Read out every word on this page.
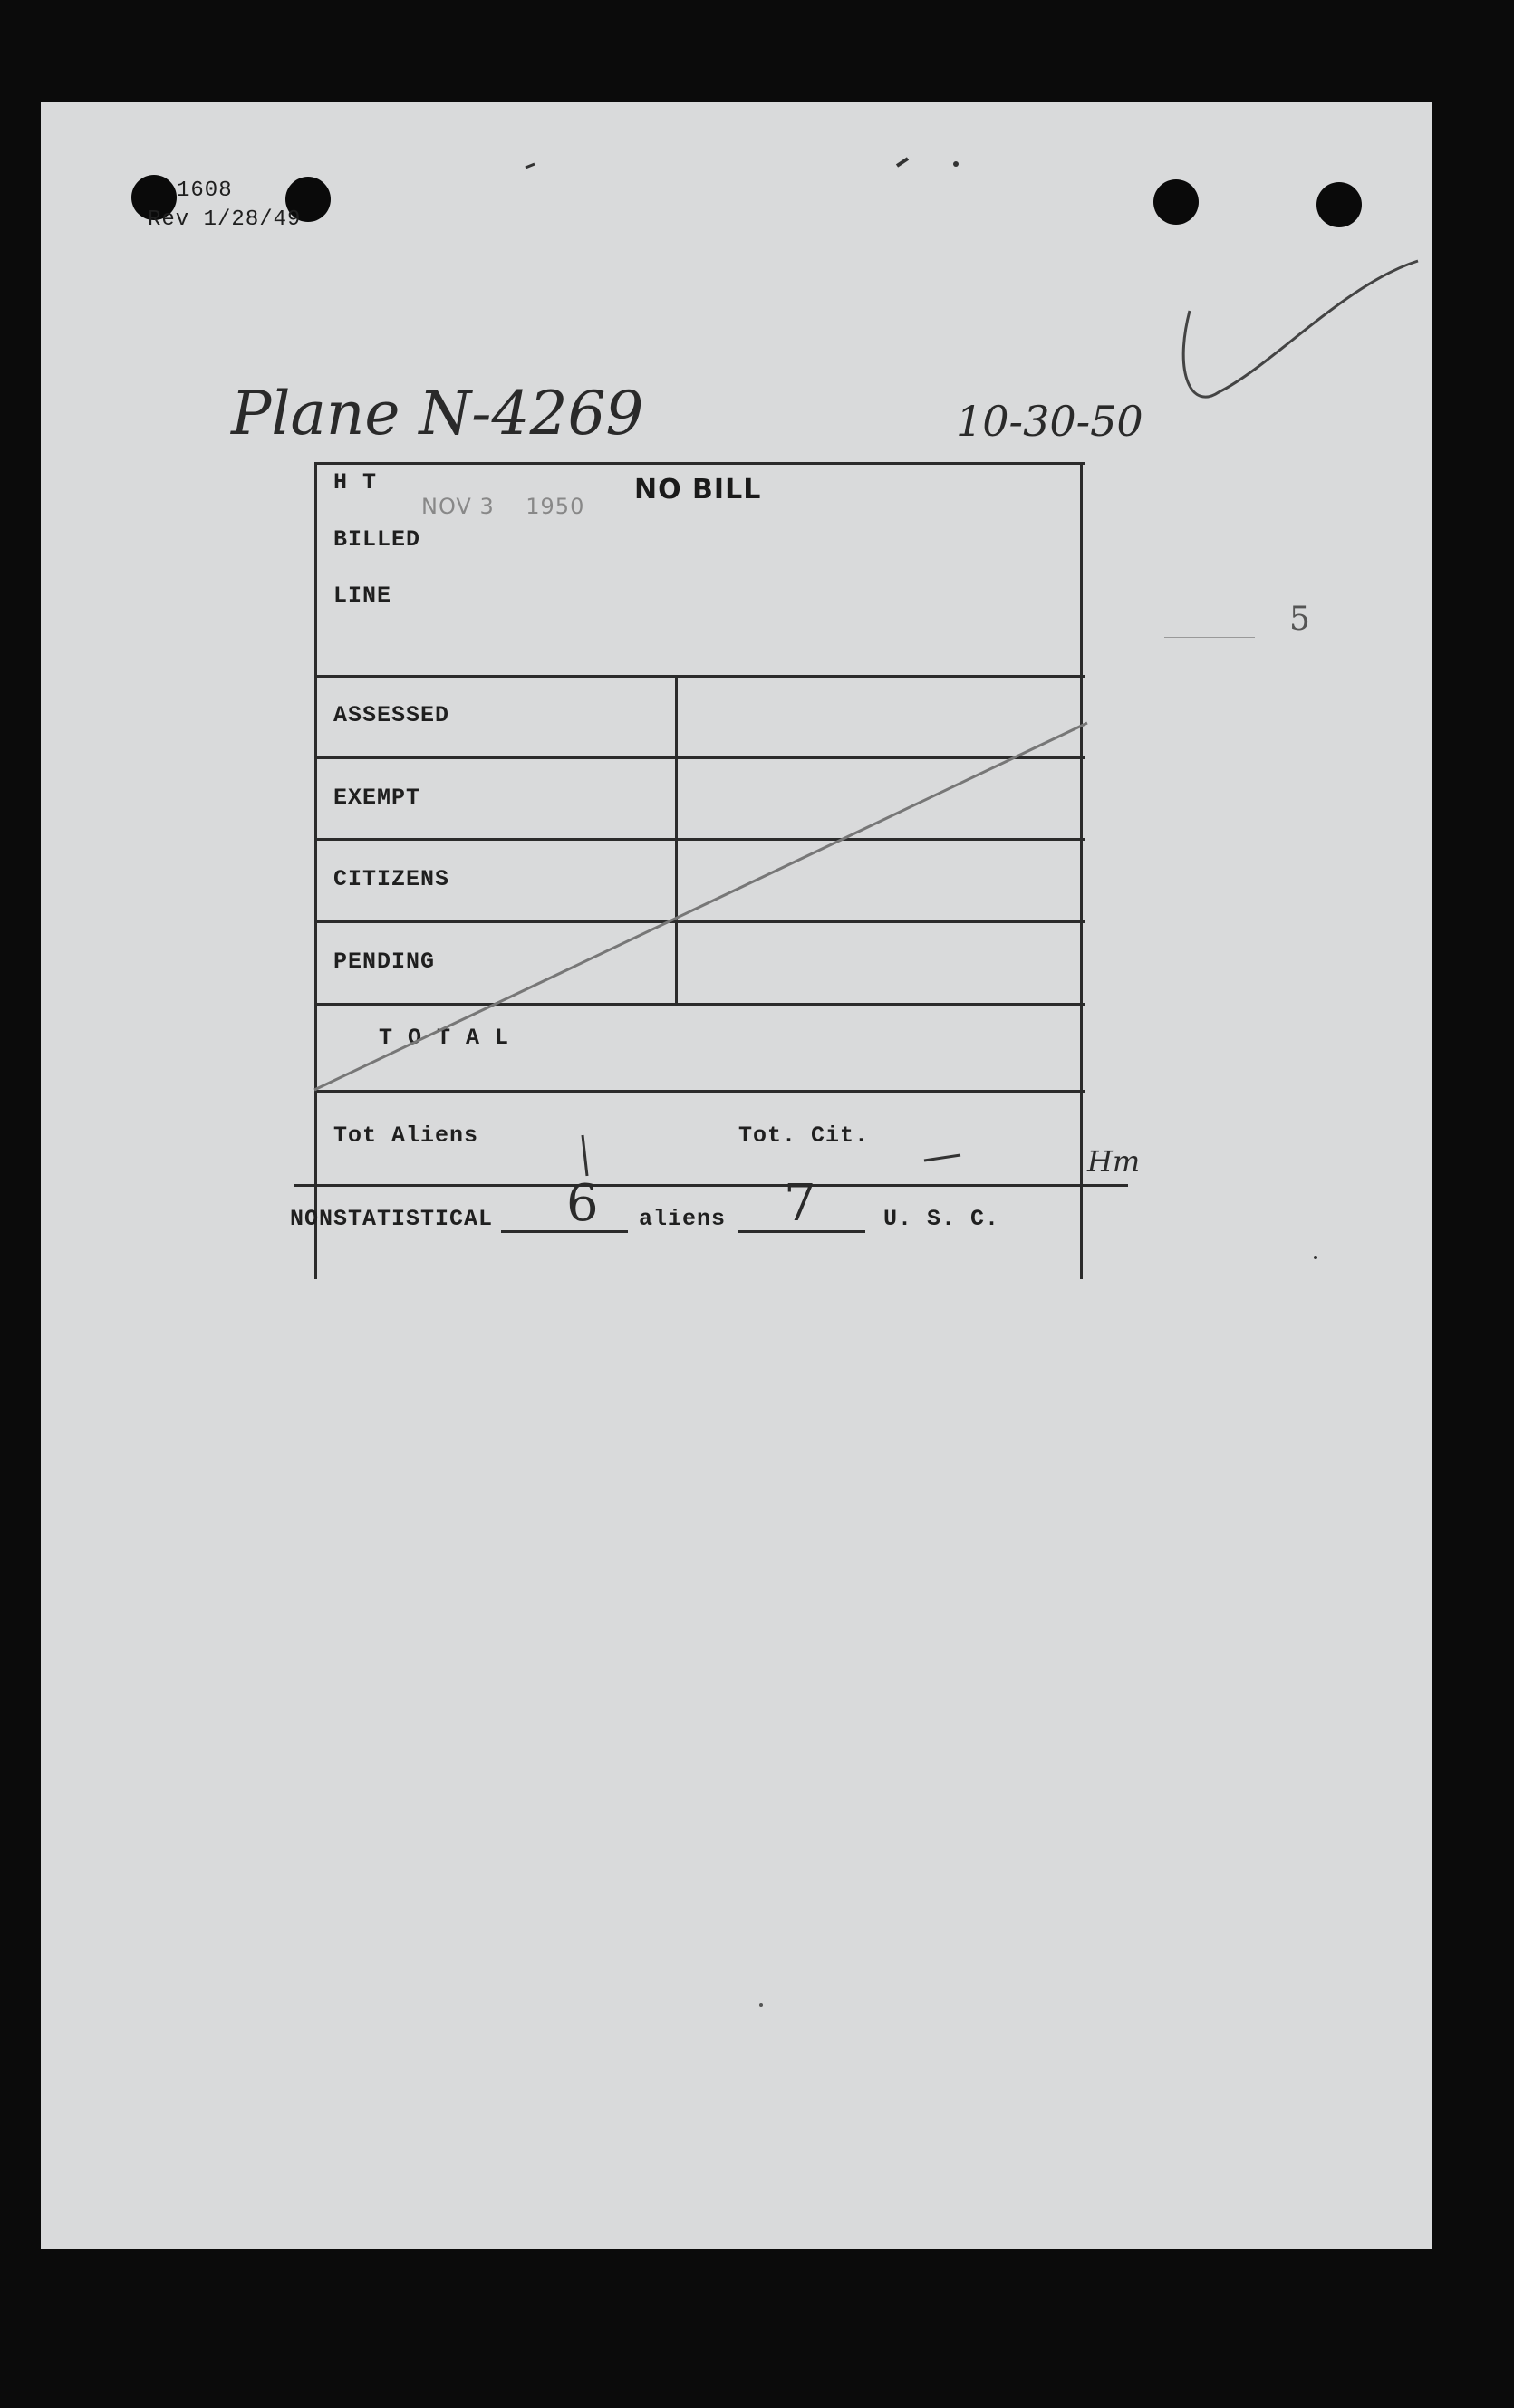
1608
Rev 1/28/49
Plane N-4269	10-30-50
NOV 3    1950
NO BILL
5
H T
BILLED
LINE
ASSESSED
EXEMPT
CITIZENS
PENDING
T O T A L
Tot Aliens	Tot. Cit.
Hm
NONSTATISTICAL 6 aliens 7	U. S. C.
